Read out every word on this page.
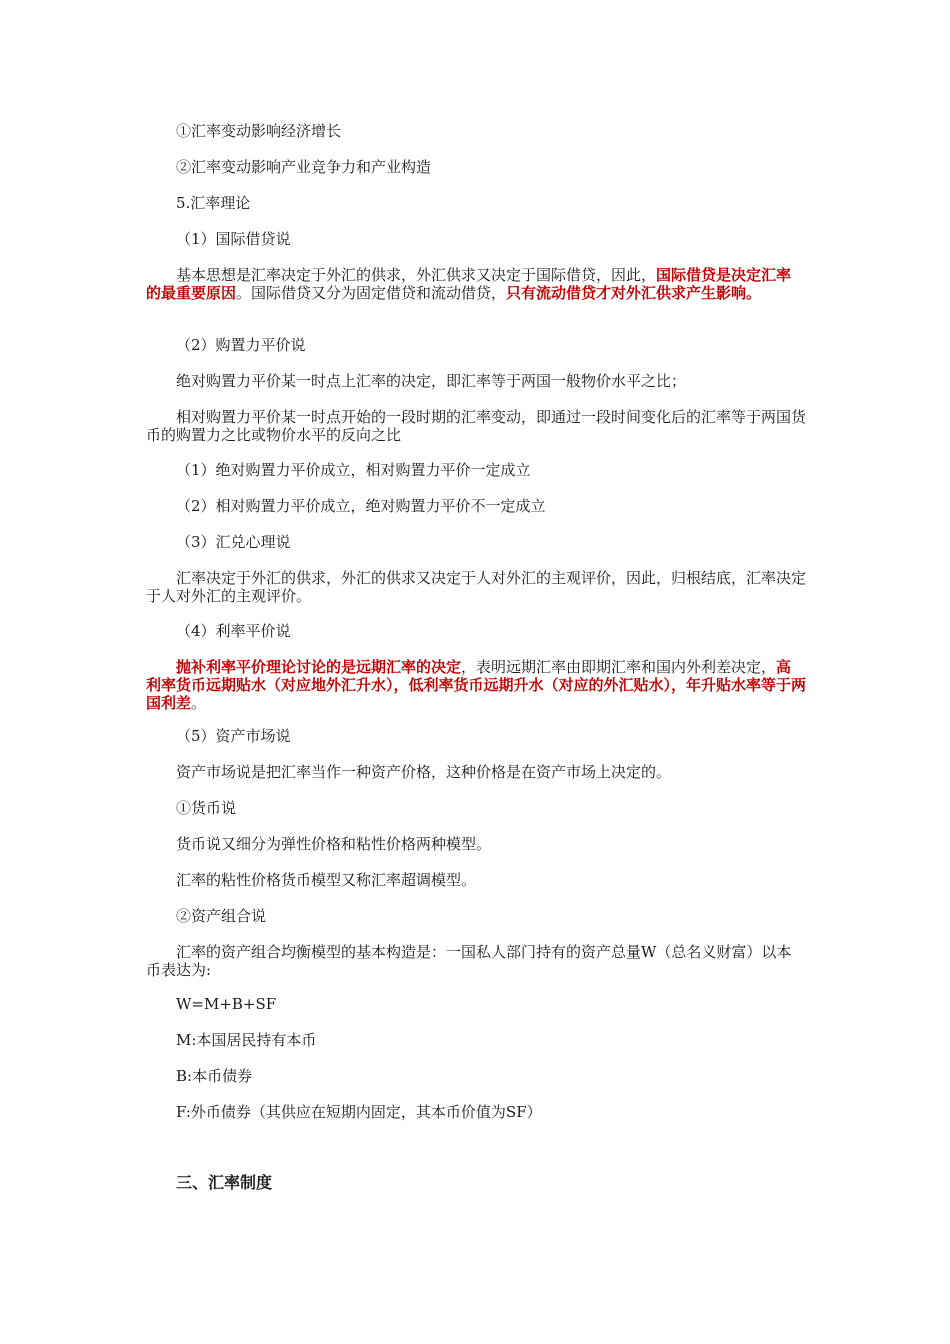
①汇率变动影响经济增长

②汇率变动影响产业竞争力和产业构造

5.汇率理论

（1）国际借贷说

基本思想是汇率决定于外汇的供求，外汇供求又决定于国际借贷，因此，国际借贷是决定汇率的最重要原因。国际借贷又分为固定借贷和流动借贷，只有流动借贷才对外汇供求产生影响。

（2）购置力平价说

绝对购置力平价某一时点上汇率的决定，即汇率等于两国一般物价水平之比；

相对购置力平价某一时点开始的一段时期的汇率变动，即通过一段时间变化后的汇率等于两国货币的购置力之比或物价水平的反向之比

（1）绝对购置力平价成立，相对购置力平价一定成立

（2）相对购置力平价成立，绝对购置力平价不一定成立

（3）汇兑心理说

汇率决定于外汇的供求，外汇的供求又决定于人对外汇的主观评价，因此，归根结底，汇率决定于人对外汇的主观评价。

（4）利率平价说

抛补利率平价理论讨论的是远期汇率的决定，表明远期汇率由即期汇率和国内外利差决定，高利率货币远期贴水（对应地外汇升水），低利率货币远期升水（对应的外汇贴水），年升贴水率等于两国利差。

（5）资产市场说

资产市场说是把汇率当作一种资产价格，这种价格是在资产市场上决定的。

①货币说

货币说又细分为弹性价格和粘性价格两种模型。

汇率的粘性价格货币模型又称汇率超调模型。

②资产组合说

汇率的资产组合均衡模型的基本构造是：一国私人部门持有的资产总量W（总名义财富）以本币表达为:

W=M+B+SF

M:本国居民持有本币

B:本币债券

F:外币债券（其供应在短期内固定，其本币价值为SF）

三、汇率制度
